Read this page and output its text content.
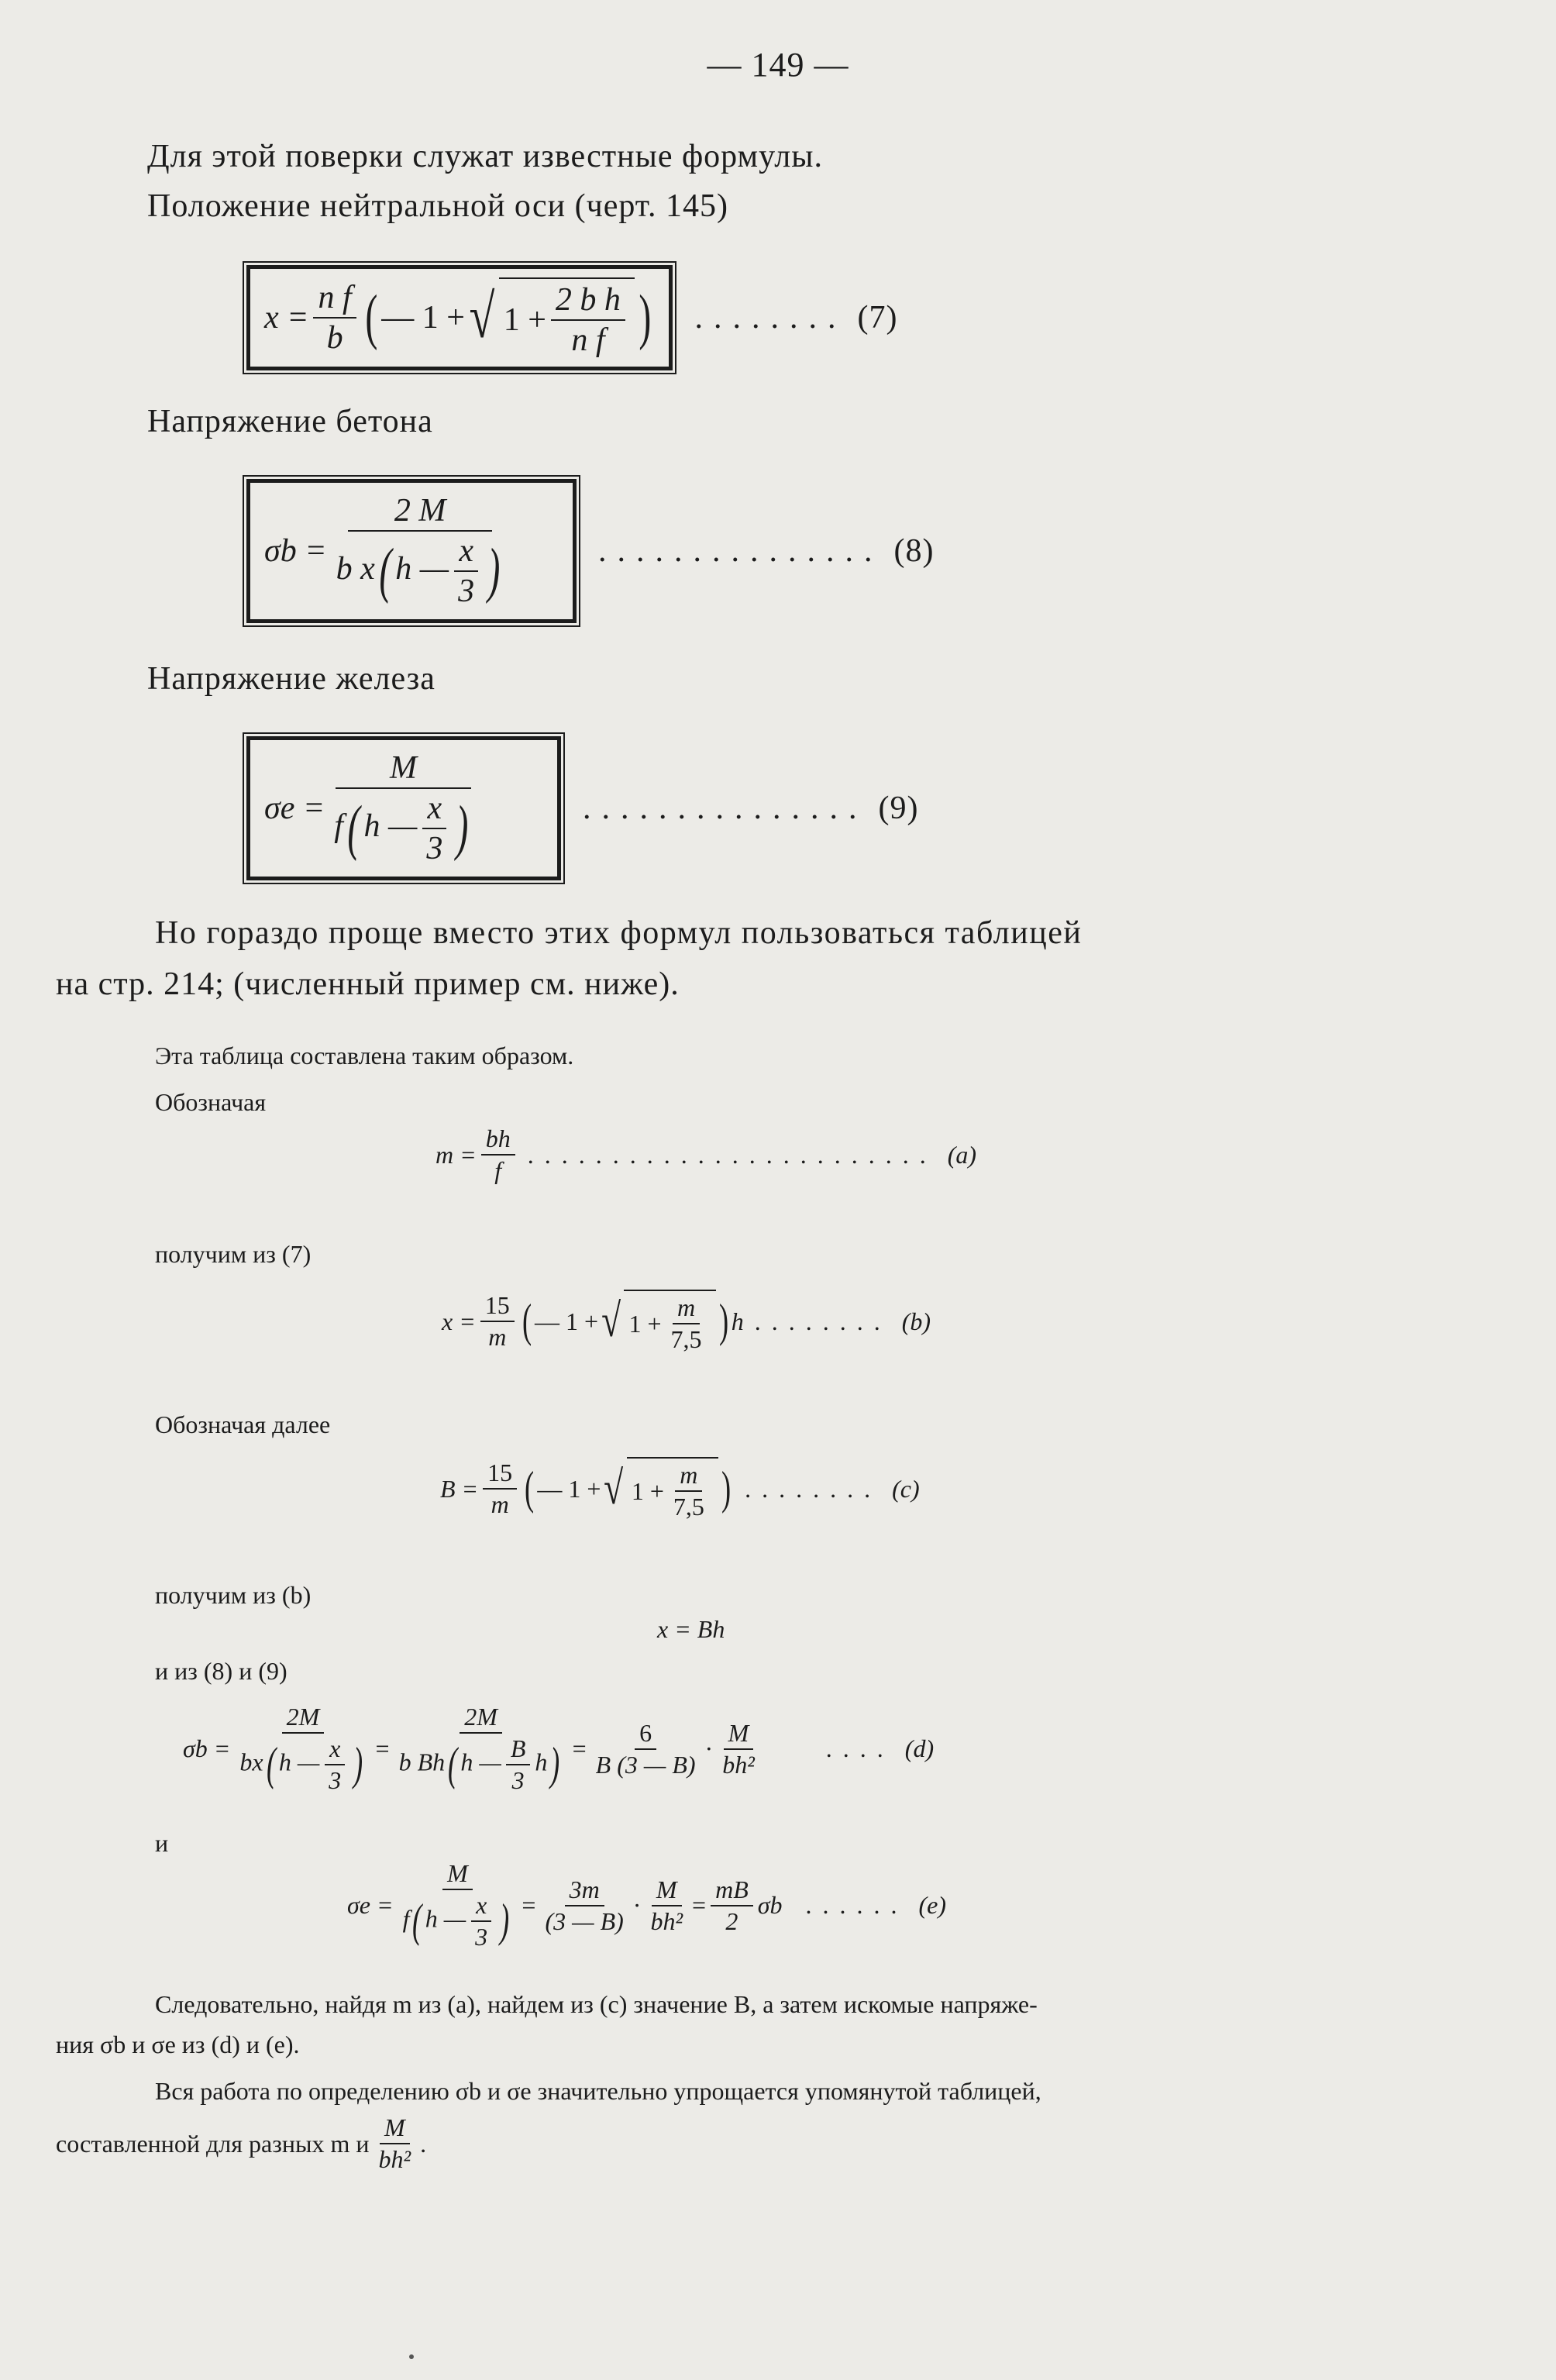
— 149 —
Для этой поверки служат известные формулы.
Положение нейтральной оси (черт. 145)
$x = \frac{\text{n f}}{b}$ ( — 1 + √ $1 + \frac{\text{2 b h}}{\text{n f}}$ ) ........ (7)
Напряжение бетона
$\sigma b = \frac{2 M}{b x( h — \frac{x}{3} )}$	............... (8)
Напряжение железа
$\sigma e = \frac{M}{f( h — \frac{x}{3} )}$	............... (9)
Но гораздо проще вместо этих формул пользоваться таблицей
на стр. 214; (численный пример см. ниже).
Эта таблица составлена таким образом.
Обозначая
$m = \frac{bh}{f}$ ........................ (a)
получим из (7)
$x = \frac{15}{m}$ ( — 1 + √ $1 + \frac{m}{7,5}$ ) h ........ (b)
Обозначая далее
$B = \frac{15}{m}$ ( — 1 + √ $1 + \frac{m}{7,5}$ ) ........ (c)
получим из (b)
x = Bh
и из (8) и (9)
$\sigma b = \frac{2M}{bx( h — \frac{x}{3} )} = \frac{2M}{b Bh( h — \frac{B}{3} h)} = \frac{6}{B (3 — B)} \cdot \frac{M}{\text{bh²}}$	.... (d)
и
$\sigma e = \frac{M}{f( h — \frac{x}{3} )} = \frac{3m}{(3 — B)} \cdot \frac{M}{\text{bh²}} = \frac{mB}{2}$ σb ...... (e)
Следовательно, найдя m из (a), найдем из (c) значение B, а затем искомые напряже-
ния σb и σe из (d) и (e).
Вся работа по определению σb и σe значительно упрощается упомянутой таблицей,
составленной для разных m и $\frac{M}{\text{bh²}}$ .
